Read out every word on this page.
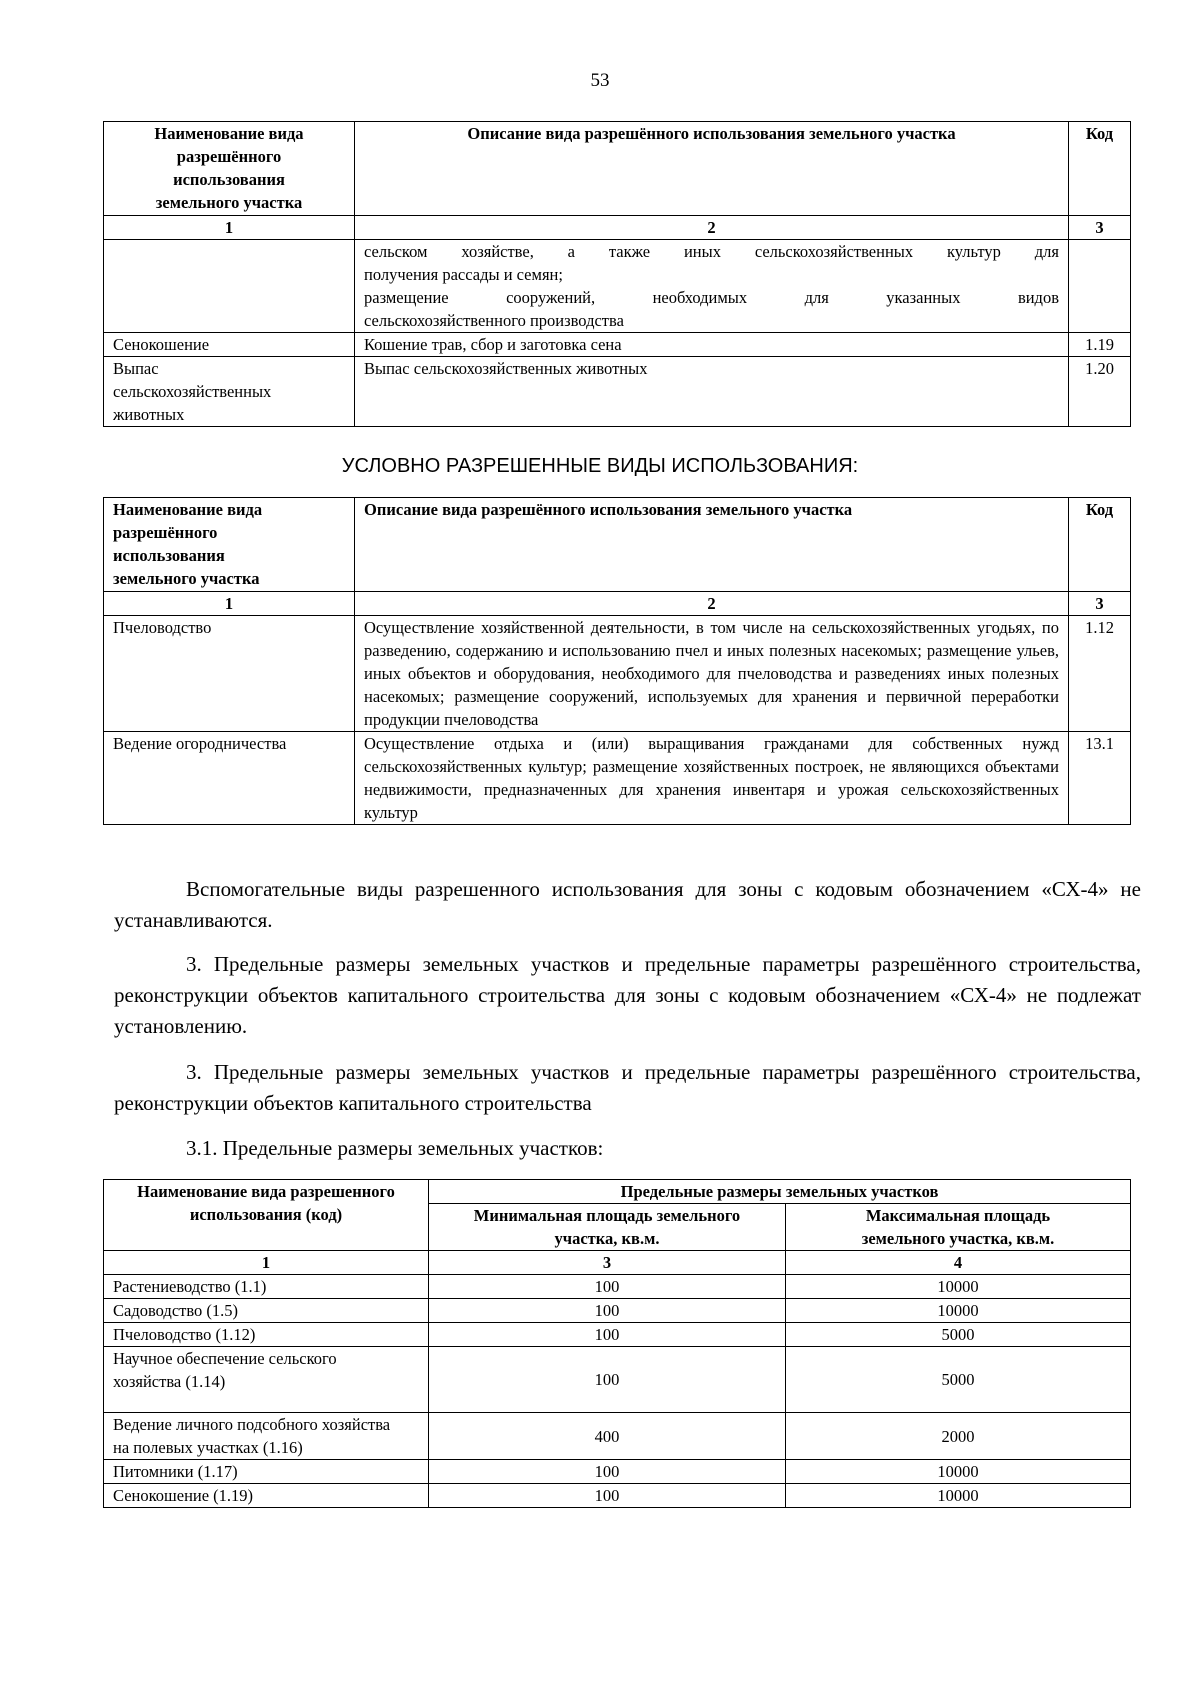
53
Наименование вида разрешённого использования земельного участка	Описание вида разрешённого использования земельного участка	Код
1	2	3

	сельском хозяйстве, а также иных сельскохозяйственных культур для
получения рассады и семян;
размещение сооружений, необходимых для указанных видов
сельскохозяйственного производства	

Сенокошение	Кошение трав, сбор и заготовка сена	1.19
Выпас сельскохозяйственных животных	Выпас сельскохозяйственных животных	1.20
УСЛОВНО РАЗРЕШЕННЫЕ ВИДЫ ИСПОЛЬЗОВАНИЯ:
Наименование вида разрешённого использования земельного участка	Описание вида разрешённого использования земельного участка	Код
1	2	3
Пчеловодство	Осуществление хозяйственной деятельности, в том числе на сельскохозяйственных угодьях, по разведению, содержанию и использованию пчел и иных полезных насекомых; размещение ульев, иных объектов и оборудования, необходимого для пчеловодства и разведениях иных полезных насекомых; размещение сооружений, используемых для хранения и первичной переработки продукции пчеловодства	1.12
Ведение огородничества	Осуществление отдыха и (или) выращивания гражданами для собственных нужд сельскохозяйственных культур; размещение хозяйственных построек, не являющихся объектами недвижимости, предназначенных для хранения инвентаря и урожая сельскохозяйственных культур	13.1

Вспомогательные виды разрешенного использования для зоны с кодовым обозначением «СХ-4» не устанавливаются.

3. Предельные размеры земельных участков и предельные параметры разрешённого строительства, реконструкции объектов капитального строительства для зоны с кодовым обозначением «СХ-4» не подлежат установлению.

3. Предельные размеры земельных участков и предельные параметры разрешённого строительства, реконструкции объектов капитального строительства

3.1. Предельные размеры земельных участков:

Наименование вида разрешенного использования (код)	Предельные размеры земельных участков	
	Минимальная площадь земельного участка, кв.м.	Максимальная площадь земельного участка, кв.м.
1	3	4
Растениеводство (1.1)	100	10000
Садоводство (1.5)	100	10000
Пчеловодство (1.12)	100	5000
Научное обеспечение сельского хозяйства (1.14)	100	5000
Ведение личного подсобного хозяйства на полевых участках (1.16)	400	2000
Питомники (1.17)	100	10000
Сенокошение (1.19)	100	10000
